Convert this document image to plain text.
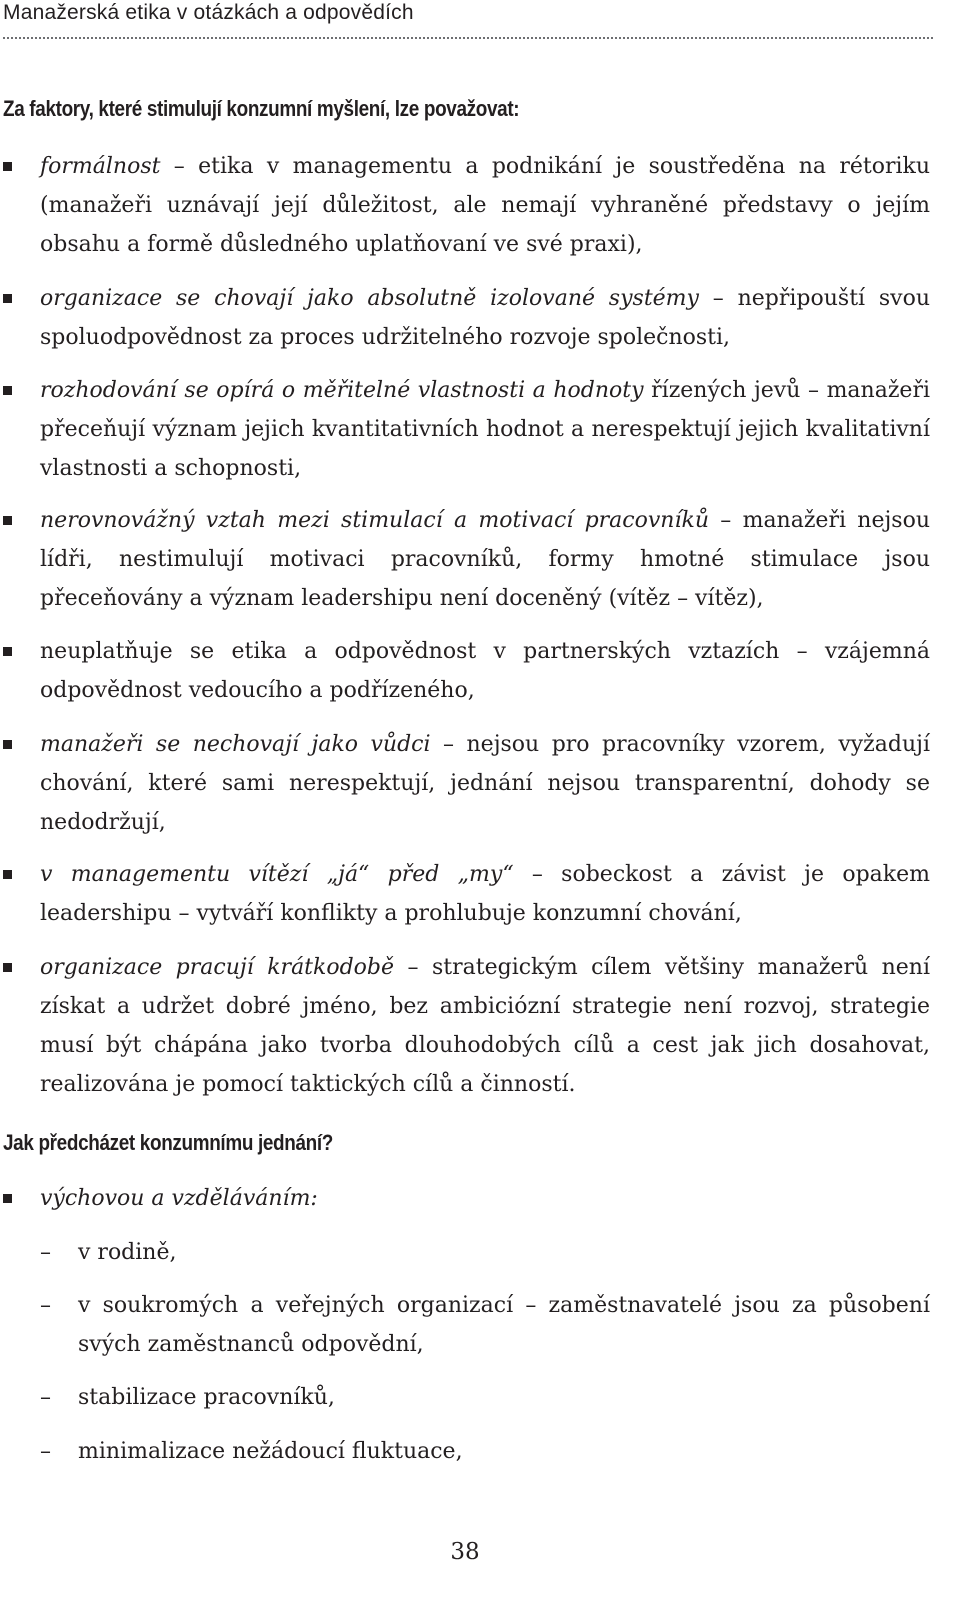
Manažerská etika v otázkách a odpovědích
Za faktory, které stimulují konzumní myšlení, lze považovat:
formálnost – etika v managementu a podnikání je soustředěna na rétoriku (manažeři uznávají její důležitost, ale nemají vyhraněné představy o jejím obsahu a formě důsledného uplatňovaní ve své praxi),
organizace se chovají jako absolutně izolované systémy – nepřipouští svou spoluodpovědnost za proces udržitelného rozvoje společnosti,
rozhodování se opírá o měřitelné vlastnosti a hodnoty řízených jevů – manažeři přeceňují význam jejich kvantitativních hodnot a nerespektují jejich kvalitativní vlastnosti a schopnosti,
nerovnovážný vztah mezi stimulací a motivací pracovníků – manažeři nejsou lídři, nestimulují motivaci pracovníků, formy hmotné stimulace jsou přeceňovány a význam leadershipu není doceněný (vítěz – vítěz),
neuplatňuje se etika a odpovědnost v partnerských vztazích – vzájemná odpovědnost vedoucího a podřízeného,
manažeři se nechovají jako vůdci – nejsou pro pracovníky vzorem, vyžadují chování, které sami nerespektují, jednání nejsou transparentní, dohody se nedodržují,
v managementu vítězí „já“ před „my“ – sobeckost a závist je opakem leadershipu – vytváří konflikty a prohlubuje konzumní chování,
organizace pracují krátkodobě – strategickým cílem většiny manažerů není získat a udržet dobré jméno, bez ambiciózní strategie není rozvoj, strategie musí být chápána jako tvorba dlouhodobých cílů a cest jak jich dosahovat, realizována je pomocí taktických cílů a činností.
Jak předcházet konzumnímu jednání?
výchovou a vzděláváním:
– v rodině,
– v soukromých a veřejných organizací – zaměstnavatelé jsou za působení svých zaměstnanců odpovědní,
– stabilizace pracovníků,
– minimalizace nežádoucí fluktuace,
38
